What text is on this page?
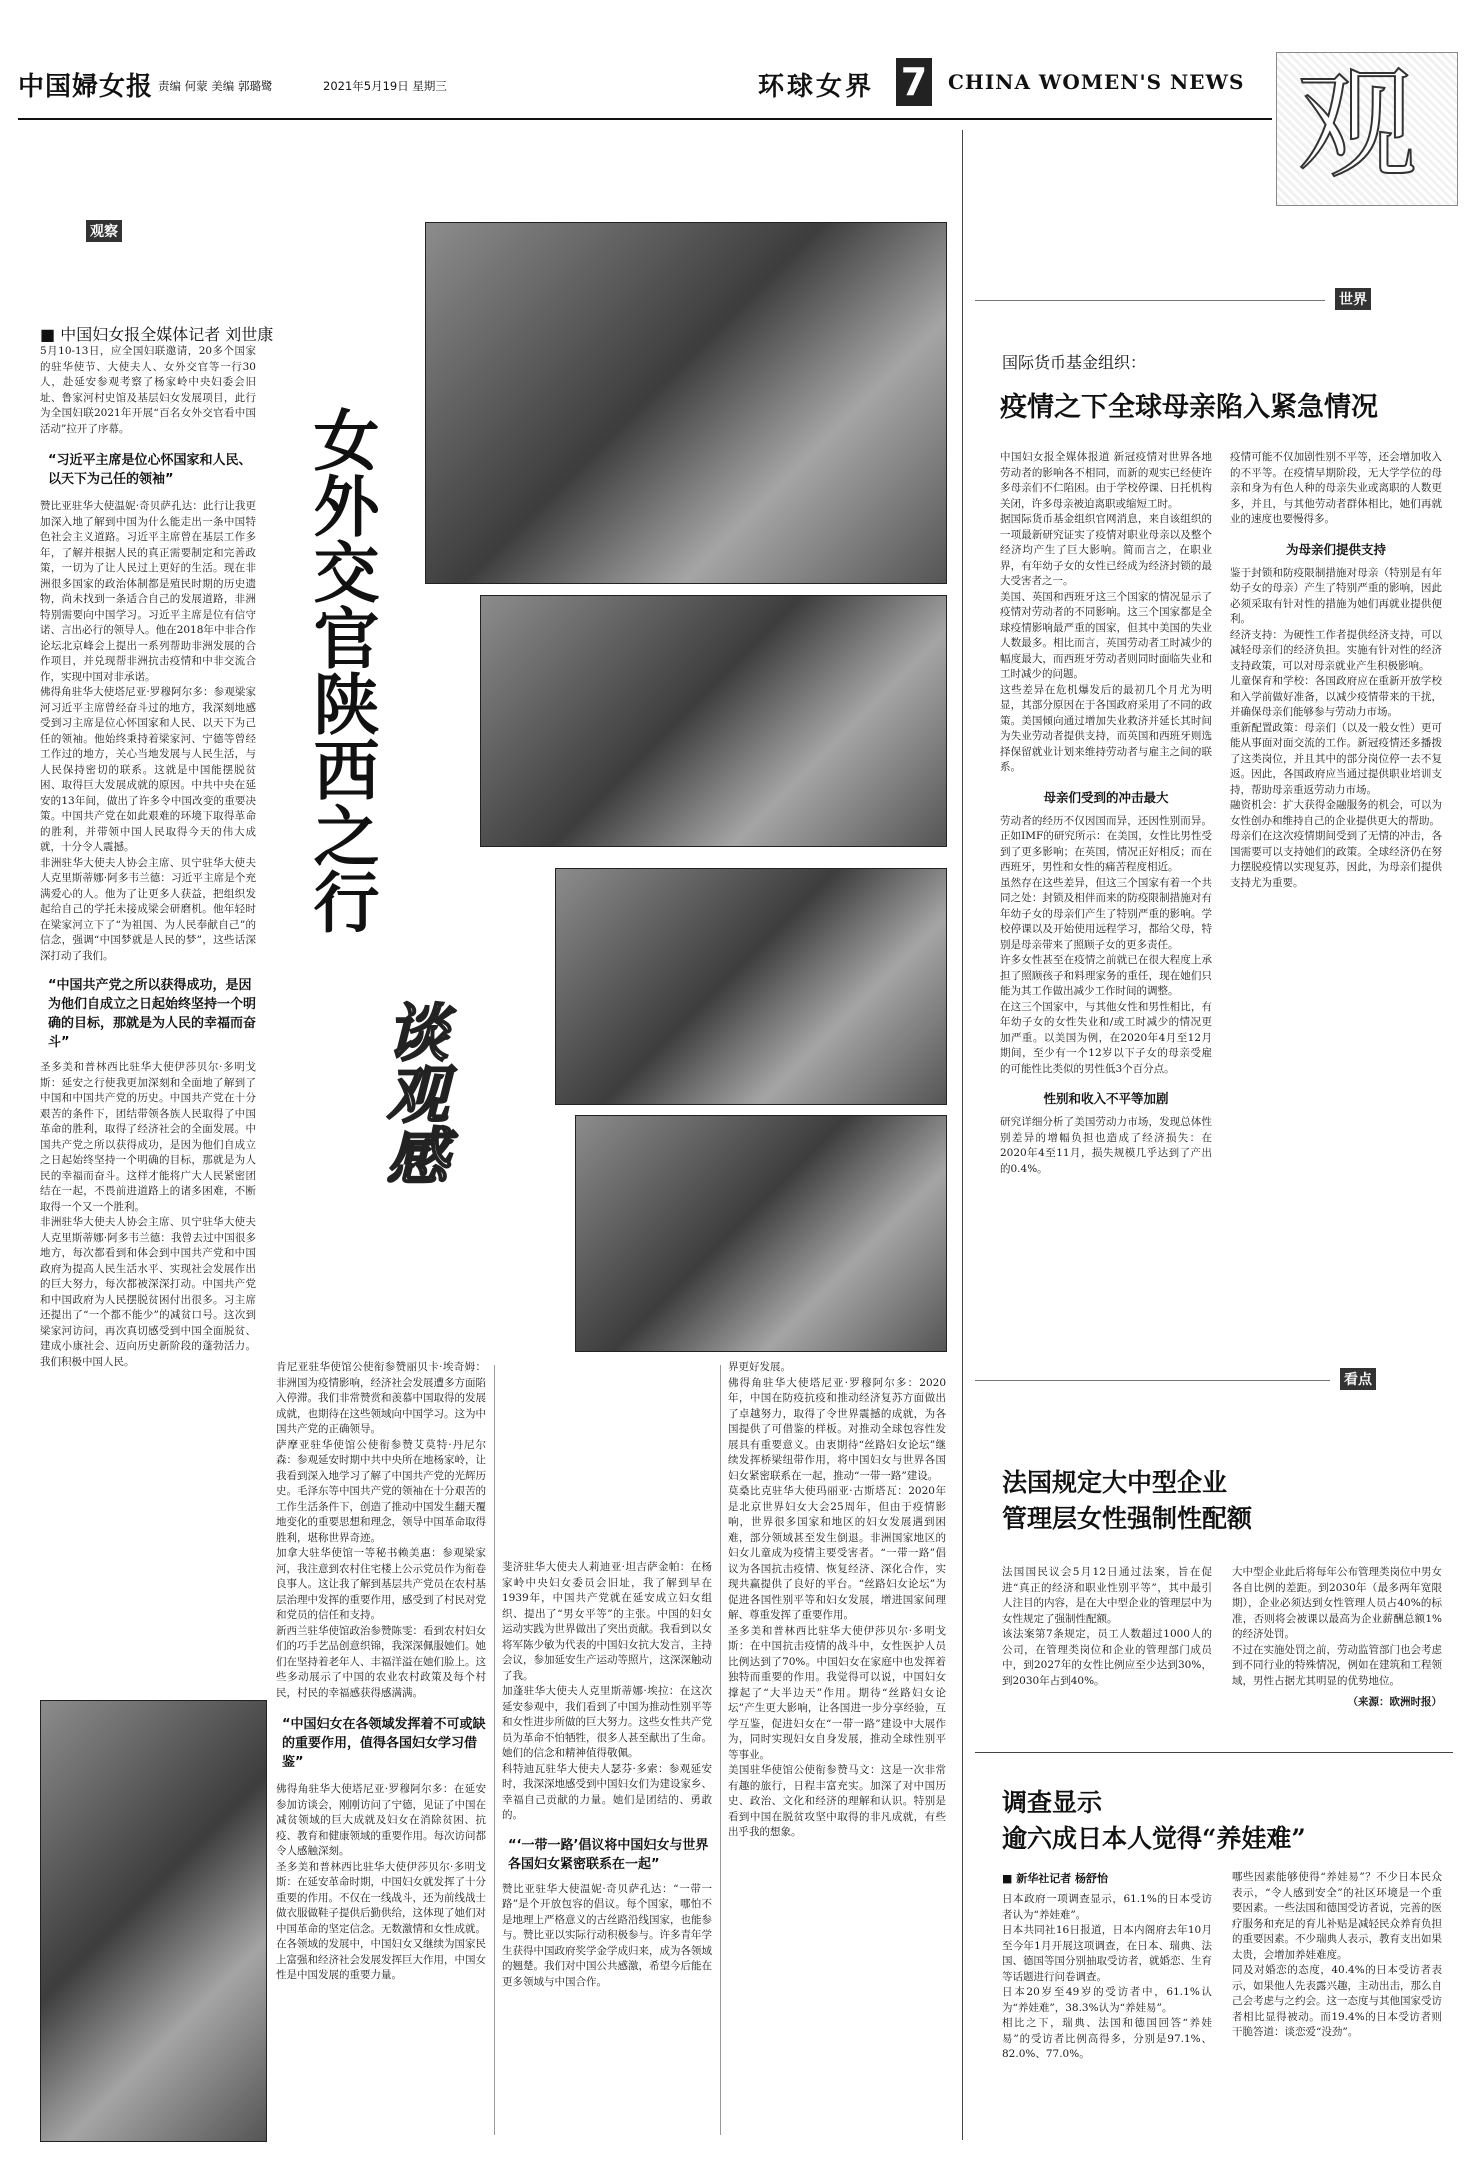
中国婦女报 责编 何蒙 美编 郭璐鹭	2021年5月19日 星期三	环球女界 7 CHINA WOMEN'S NEWS 观
观察
■ 中国妇女报全媒体记者 刘世康

5月10-13日，应全国妇联邀请，20多个国家的驻华使节、大使夫人、女外交官等一行30人，赴延安参观考察了杨家岭中央妇委会旧址、鲁家河村史馆及基层妇女发展项目，此行为全国妇联2021年开展“百名女外交官看中国活动”拉开了序幕。

“习近平主席是位心怀国家和人民、以天下为己任的领袖”

赞比亚驻华大使温妮·奇贝萨孔达：此行让我更加深入地了解到中国为什么能走出一条中国特色社会主义道路。习近平主席曾在基层工作多年，了解并根据人民的真正需要制定和完善政策，一切为了让人民过上更好的生活。现在非洲很多国家的政治体制都是殖民时期的历史遗物，尚未找到一条适合自己的发展道路，非洲特别需要向中国学习。习近平主席是位有信守诺、言出必行的领导人。他在2018年中非合作论坛北京峰会上提出一系列帮助非洲发展的合作项目，并兑现帮非洲抗击疫情和中非交流合作，实现中国对非承诺。

佛得角驻华大使塔尼亚·罗穆阿尔多：参观梁家河习近平主席曾经奋斗过的地方，我深刻地感受到习主席是位心怀国家和人民、以天下为己任的领袖。他始终秉持着梁家河、宁德等曾经工作过的地方，关心当地发展与人民生活，与人民保持密切的联系。这就是中国能摆脱贫困、取得巨大发展成就的原因。中共中央在延安的13年间，做出了许多令中国改变的重要决策。中国共产党在如此艰难的环境下取得革命的胜利，并带领中国人民取得今天的伟大成就，十分令人震撼。

非洲驻华大使夫人协会主席、贝宁驻华大使夫人克里斯蒂娜·阿多韦兰德：习近平主席是个充满爱心的人。他为了让更多人获益，把组织发起给自己的学托未接成梁会研磨机。他年轻时在梁家河立下了“为祖国、为人民奉献自己”的信念，强调“中国梦就是人民的梦”，这些话深深打动了我们。

“中国共产党之所以获得成功，是因为他们自成立之日起始终坚持一个明确的目标，那就是为人民的幸福而奋斗”

圣多美和普林西比驻华大使伊莎贝尔·多明戈斯：延安之行使我更加深刻和全面地了解到了中国和中国共产党的历史。中国共产党在十分艰苦的条件下，团结带领各族人民取得了中国革命的胜利，取得了经济社会的全面发展。中国共产党之所以获得成功，是因为他们自成立之日起始终坚持一个明确的目标，那就是为人民的幸福而奋斗。这样才能将广大人民紧密团结在一起，不畏前进道路上的诸多困难，不断取得一个又一个胜利。

非洲驻华大使夫人协会主席、贝宁驻华大使夫人克里斯蒂娜·阿多韦兰德：我曾去过中国很多地方，每次都看到和体会到中国共产党和中国政府为提高人民生活水平、实现社会发展作出的巨大努力，每次都被深深打动。中国共产党和中国政府为人民摆脱贫困付出很多。习主席还提出了“一个都不能少”的减贫口号。这次到梁家河访问，再次真切感受到中国全面脱贫、建成小康社会、迈向历史新阶段的蓬勃活力。我们积极中国人民。

女外交官陕西之行
谈观感

肯尼亚驻华使馆公使衔参赞丽贝卡·埃奇姆：非洲国为疫情影响，经济社会发展遭多方面陷入停滞。我们非常赞赏和羡慕中国取得的发展成就，也期待在这些领域向中国学习。这为中国共产党的正确领导。

萨摩亚驻华使馆公使衔参赞艾莫特·丹尼尔森：参观延安时期中共中央所在地杨家岭，让我看到深入地学习了解了中国共产党的光辉历史。毛泽东等中国共产党的领袖在十分艰苦的工作生活条件下，创造了推动中国发生翻天覆地变化的重要思想和理念，领导中国革命取得胜利，堪称世界奇迹。

加拿大驻华使馆一等秘书赖美惠：参观梁家河，我注意到农村住宅楼上公示党员作为衔卷良事人。这让我了解到基层共产党员在农村基层治理中发挥的重要作用，感受到了村民对党和党员的信任和支持。

新西兰驻华使馆政治参赞陈雯：看到农村妇女们的巧手艺品创意织锦，我深深佩服她们。她们在坚持着老年人、丰福洋溢在她们脸上。这些多动展示了中国的农业农村政策及每个村民，村民的幸福感获得感满满。

“中国妇女在各领域发挥着不可或缺的重要作用，值得各国妇女学习借鉴”

佛得角驻华大使塔尼亚·罗穆阿尔多：在延安参加访谈会，刚刚访问了宁德，见证了中国在减贫领域的巨大成就及妇女在消除贫困、抗疫、教育和健康领域的重要作用。每次访问都令人感触深刻。

圣多美和普林西比驻华大使伊莎贝尔·多明戈斯：在延安革命时期，中国妇女就发挥了十分重要的作用。不仅在一线战斗，还为前线战士做衣服做鞋子提供后勤供给，这体现了她们对中国革命的坚定信念。无数激情和女性成就。在各领域的发展中，中国妇女又继续为国家民上富强和经济社会发展发挥巨大作用，中国女性是中国发展的重要力量。

斐济驻华大使夫人莉迪亚·坦吉萨金帕：在杨家岭中央妇女委员会旧址，我了解到早在1939年，中国共产党就在延安成立妇女组织、提出了“男女平等”的主张。中国的妇女运动实践为世界做出了突出贡献。我看到以女将军陈少敏为代表的中国妇女抗大发言，主持会议，参加延安生产运动等照片，这深深触动了我。

加蓬驻华大使夫人克里斯蒂娜·埃拉：在这次延安参观中，我们看到了中国为推动性别平等和女性进步所做的巨大努力。这些女性共产党员为革命不怕牺牲，很多人甚至献出了生命。她们的信念和精神值得敬佩。

科特迪瓦驻华大使夫人瑟芬·多索：参观延安时，我深深地感受到中国妇女们为建设家乡、幸福自己贡献的力量。她们是团结的、勇敢的。

“‘一带一路’倡议将中国妇女与世界各国妇女紧密联系在一起”

赞比亚驻华大使温妮·奇贝萨孔达：“一带一路”是个开放包容的倡议。每个国家，哪怕不是地理上严格意义的古丝路沿线国家，也能参与。赞比亚以实际行动积极参与。许多青年学生获得中国政府奖学金学成归来，成为各领域的翘楚。我们对中国公共感激，希望今后能在更多领域与中国合作。

界更好发展。

佛得角驻华大使塔尼亚·罗穆阿尔多：2020年，中国在防疫抗疫和推动经济复苏方面做出了卓越努力，取得了令世界震撼的成就，为各国提供了可借鉴的样板。对推动全球包容性发展具有重要意义。由衷期待“丝路妇女论坛”继续发挥桥梁纽带作用，将中国妇女与世界各国妇女紧密联系在一起，推动“一带一路”建设。

莫桑比克驻华大使玛丽亚·古斯塔瓦：2020年是北京世界妇女大会25周年，但由于疫情影响，世界很多国家和地区的妇女发展遇到困难，部分领域甚至发生倒退。非洲国家地区的妇女儿童成为疫情主要受害者。“一带一路”倡议为各国抗击疫情、恢复经济、深化合作，实现共赢提供了良好的平台。“丝路妇女论坛”为促进各国性别平等和妇女发展，增进国家间理解、尊重发挥了重要作用。

圣多美和普林西比驻华大使伊莎贝尔·多明戈斯：在中国抗击疫情的战斗中，女性医护人员比例达到了70%。中国妇女在家庭中也发挥着独特而重要的作用。我觉得可以说，中国妇女撑起了“大半边天”作用。期待“丝路妇女论坛”产生更大影响，让各国进一步分享经验，互学互鉴，促进妇女在“一带一路”建设中大展作为，同时实现妇女自身发展，推动全球性别平等事业。

美国驻华使馆公使衔参赞马文：这是一次非常有趣的旅行，日程丰富充实。加深了对中国历史、政治、文化和经济的理解和认识。特别是看到中国在脱贫攻坚中取得的非凡成就，有些出乎我的想象。

世界
国际货币基金组织：
疫情之下全球母亲陷入紧急情况

中国妇女报全媒体报道 新冠疫情对世界各地劳动者的影响各不相同，而新的观实已经使许多母亲们不仁陷困。由于学校停课、日托机构关闭，许多母亲被迫离职或缩短工时。

据国际货币基金组织官网消息，来自该组织的一项最新研究证实了疫情对职业母亲以及整个经济均产生了巨大影响。简而言之，在职业界，有年幼子女的女性已经成为经济封锁的最大受害者之一。

美国、英国和西班牙这三个国家的情况显示了疫情对劳动者的不同影响。这三个国家都是全球疫情影响最严重的国家，但其中美国的失业人数最多。相比而言，英国劳动者工时减少的幅度最大，而西班牙劳动者则同时面临失业和工时减少的问题。

这些差异在危机爆发后的最初几个月尤为明显，其部分原因在于各国政府采用了不同的政策。美国倾向通过增加失业救济并延长其时间为失业劳动者提供支持，而英国和西班牙则选择保留就业计划来维持劳动者与雇主之间的联系。

母亲们受到的冲击最大

劳动者的经历不仅因国而异，还因性别而异。正如IMF的研究所示：在美国，女性比男性受到了更多影响；在英国，情况正好相反；而在西班牙，男性和女性的痛苦程度相近。

虽然存在这些差异，但这三个国家有着一个共同之处：封锁及相伴而来的防疫限制措施对有年幼子女的母亲们产生了特别严重的影响。学校停课以及开始使用远程学习，都给父母，特别是母亲带来了照顾子女的更多责任。

许多女性甚至在疫情之前就已在很大程度上承担了照顾孩子和料理家务的重任，现在她们只能为其工作做出减少工作时间的调整。

在这三个国家中，与其他女性和男性相比，有年幼子女的女性失业和/或工时减少的情况更加严重。以美国为例，在2020年4月至12月期间，至少有一个12岁以下子女的母亲受雇的可能性比类似的男性低3个百分点。

性别和收入不平等加剧

研究详细分析了美国劳动力市场，发现总体性别差异的增幅负担也造成了经济损失：在2020年4至11月，损失规模几乎达到了产出的0.4%。

疫情可能不仅加剧性别不平等，还会增加收入的不平等。在疫情早期阶段，无大学学位的母亲和身为有色人种的母亲失业或离职的人数更多，并且，与其他劳动者群体相比，她们再就业的速度也要慢得多。

为母亲们提供支持

鉴于封锁和防疫限制措施对母亲（特别是有年幼子女的母亲）产生了特别严重的影响，因此必须采取有针对性的措施为她们再就业提供便利。

经济支持：为硬性工作者提供经济支持，可以减轻母亲们的经济负担。实施有针对性的经济支持政策，可以对母亲就业产生积极影响。

儿童保育和学校：各国政府应在重新开放学校和入学前做好准备，以减少疫情带来的干扰，并确保母亲们能够参与劳动力市场。

重新配置政策：母亲们（以及一般女性）更可能从事面对面交流的工作。新冠疫情还多播拨了这类岗位，并且其中的部分岗位停一去不复返。因此，各国政府应当通过提供职业培训支持，帮助母亲重返劳动力市场。

融资机会：扩大获得金融服务的机会，可以为女性创办和维持自己的企业提供更大的帮助。

母亲们在这次疫情期间受到了无情的冲击，各国需要可以支持她们的政策。全球经济仍在努力摆脱疫情以实现复苏，因此，为母亲们提供支持尤为重要。

看点
法国规定大中型企业
管理层女性强制性配额

法国国民议会5月12日通过法案，旨在促进“真正的经济和职业性别平等”，其中最引人注目的内容，是在大中型企业的管理层中为女性规定了强制性配额。

该法案第7条规定，员工人数超过1000人的公司，在管理类岗位和企业的管理部门成员中，到2027年的女性比例应至少达到30%，到2030年占到40%。

大中型企业此后将每年公布管理类岗位中男女各自比例的差距。到2030年（最多两年宽限期），企业必须达到女性管理人员占40%的标准，否则将会被课以最高为企业薪酬总额1%的经济处罚。

不过在实施处罚之前，劳动监管部门也会考虑到不同行业的特殊情况，例如在建筑和工程领域，男性占据尤其明显的优势地位。

（来源：欧洲时报）

调查显示
逾六成日本人觉得“养娃难”

■ 新华社记者 杨舒怡

日本政府一项调查显示，61.1%的日本受访者认为“养娃难”。

日本共同社16日报道，日本内阁府去年10月至今年1月开展这项调查，在日本、瑞典、法国、德国等国分别抽取受访者，就婚恋、生育等话题进行问卷调查。

日本20岁至49岁的受访者中，61.1%认为“养娃难”，38.3%认为“养娃易”。

相比之下，瑞典、法国和德国回答“养娃易”的受访者比例高得多，分别是97.1%、82.0%、77.0%。

哪些因素能够使得“养娃易”？不少日本民众表示，“令人感到安全”的社区环境是一个重要因素。一些法国和德国受访者说，完善的医疗服务和充足的育儿补贴是减轻民众养育负担的重要因素。不少瑞典人表示，教育支出如果太贵，会增加养娃难度。

同及对婚恋的态度，40.4%的日本受访者表示，如果他人先表露兴趣，主动出击，那么自己会考虑与之约会。这一态度与其他国家受访者相比显得被动。而19.4%的日本受访者则干脆答道：谈恋爱“没劲”。
